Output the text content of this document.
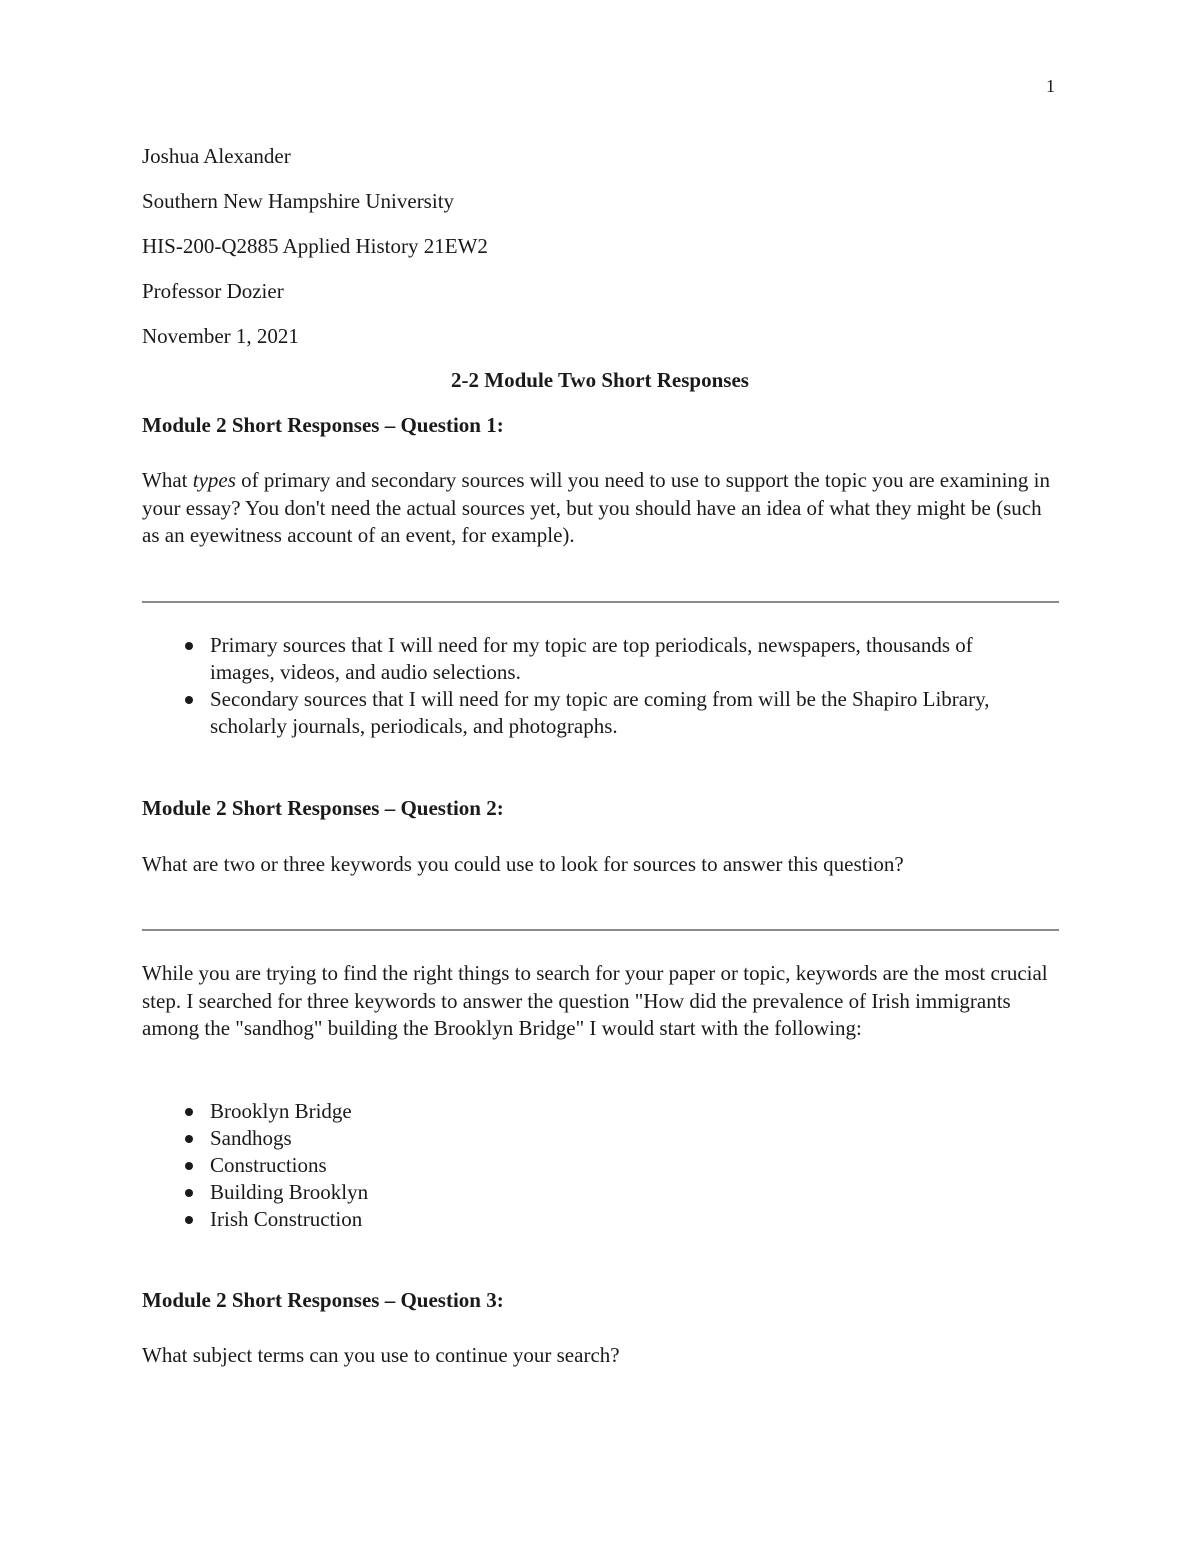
1
Joshua Alexander
Southern New Hampshire University
HIS-200-Q2885 Applied History 21EW2
Professor Dozier
November 1, 2021
2-2 Module Two Short Responses
Module 2 Short Responses – Question 1:
What types of primary and secondary sources will you need to use to support the topic you are examining in your essay? You don't need the actual sources yet, but you should have an idea of what they might be (such as an eyewitness account of an event, for example).
Primary sources that I will need for my topic are top periodicals, newspapers, thousands of images, videos, and audio selections.
Secondary sources that I will need for my topic are coming from will be the Shapiro Library, scholarly journals, periodicals, and photographs.
Module 2 Short Responses – Question 2:
What are two or three keywords you could use to look for sources to answer this question?
While you are trying to find the right things to search for your paper or topic, keywords are the most crucial step. I searched for three keywords to answer the question "How did the prevalence of Irish immigrants among the "sandhog" building the Brooklyn Bridge" I would start with the following:
Brooklyn Bridge
Sandhogs
Constructions
Building Brooklyn
Irish Construction
Module 2 Short Responses – Question 3:
What subject terms can you use to continue your search?
